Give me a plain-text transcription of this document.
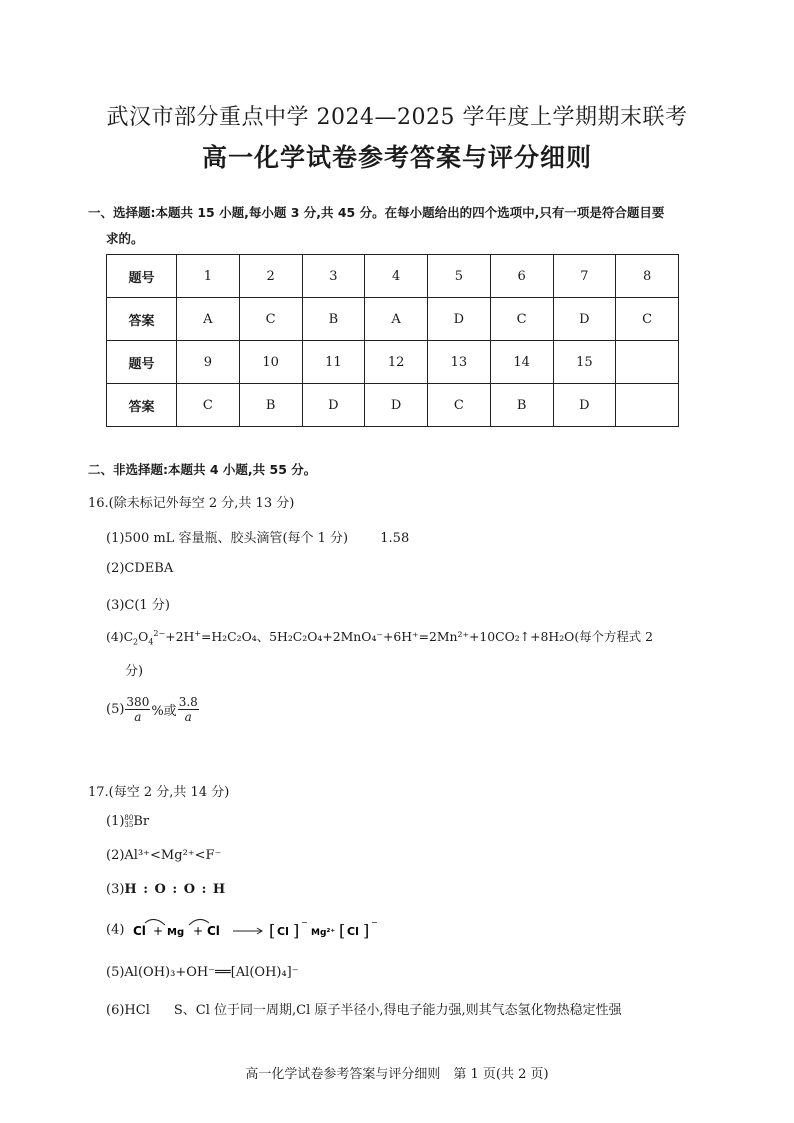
武汉市部分重点中学 2024—2025 学年度上学期期末联考
高一化学试卷参考答案与评分细则
一、选择题:本题共 15 小题,每小题 3 分,共 45 分。在每小题给出的四个选项中,只有一项是符合题目要
求的。
题号	1	2	3	4	5	6	7	8
答案	A	C	B	A	D	C	D	C
题号	9	10	11	12	13	14	15	
答案	C	B	D	D	C	B	D	
二、非选择题:本题共 4 小题,共 55 分。
16.(除未标记外每空 2 分,共 13 分)
(1)500 mL 容量瓶、胶头滴管(每个 1 分) 1.58
(2)CDEBA
(3)C(1 分)
$(4)C_2O_4^{2-}+2H^+=H_2C_2O_4$、5H₂C₂O₄+2MnO₄⁻+6H⁺=2Mn²⁺+10CO₂↑+8H₂O(每个方程式 2
分)
$(5) \frac{380}{a}$ %或 $\frac{3.8}{a}$
17.(每空 2 分,共 14 分)
(1) 80
35 Br
(2)Al³⁺<Mg²⁺<F⁻
(3)H : O : O : H
(4) Cl + Mg + Cl	[ Cl ] −
Mg²⁺ [ Cl ] −
(5)Al(OH)₃+OH⁻══[Al(OH)₄]⁻
(6)HCl S、Cl 位于同一周期,Cl 原子半径小,得电子能力强,则其气态氢化物热稳定性强
高一化学试卷参考答案与评分细则　第 1 页(共 2 页)
